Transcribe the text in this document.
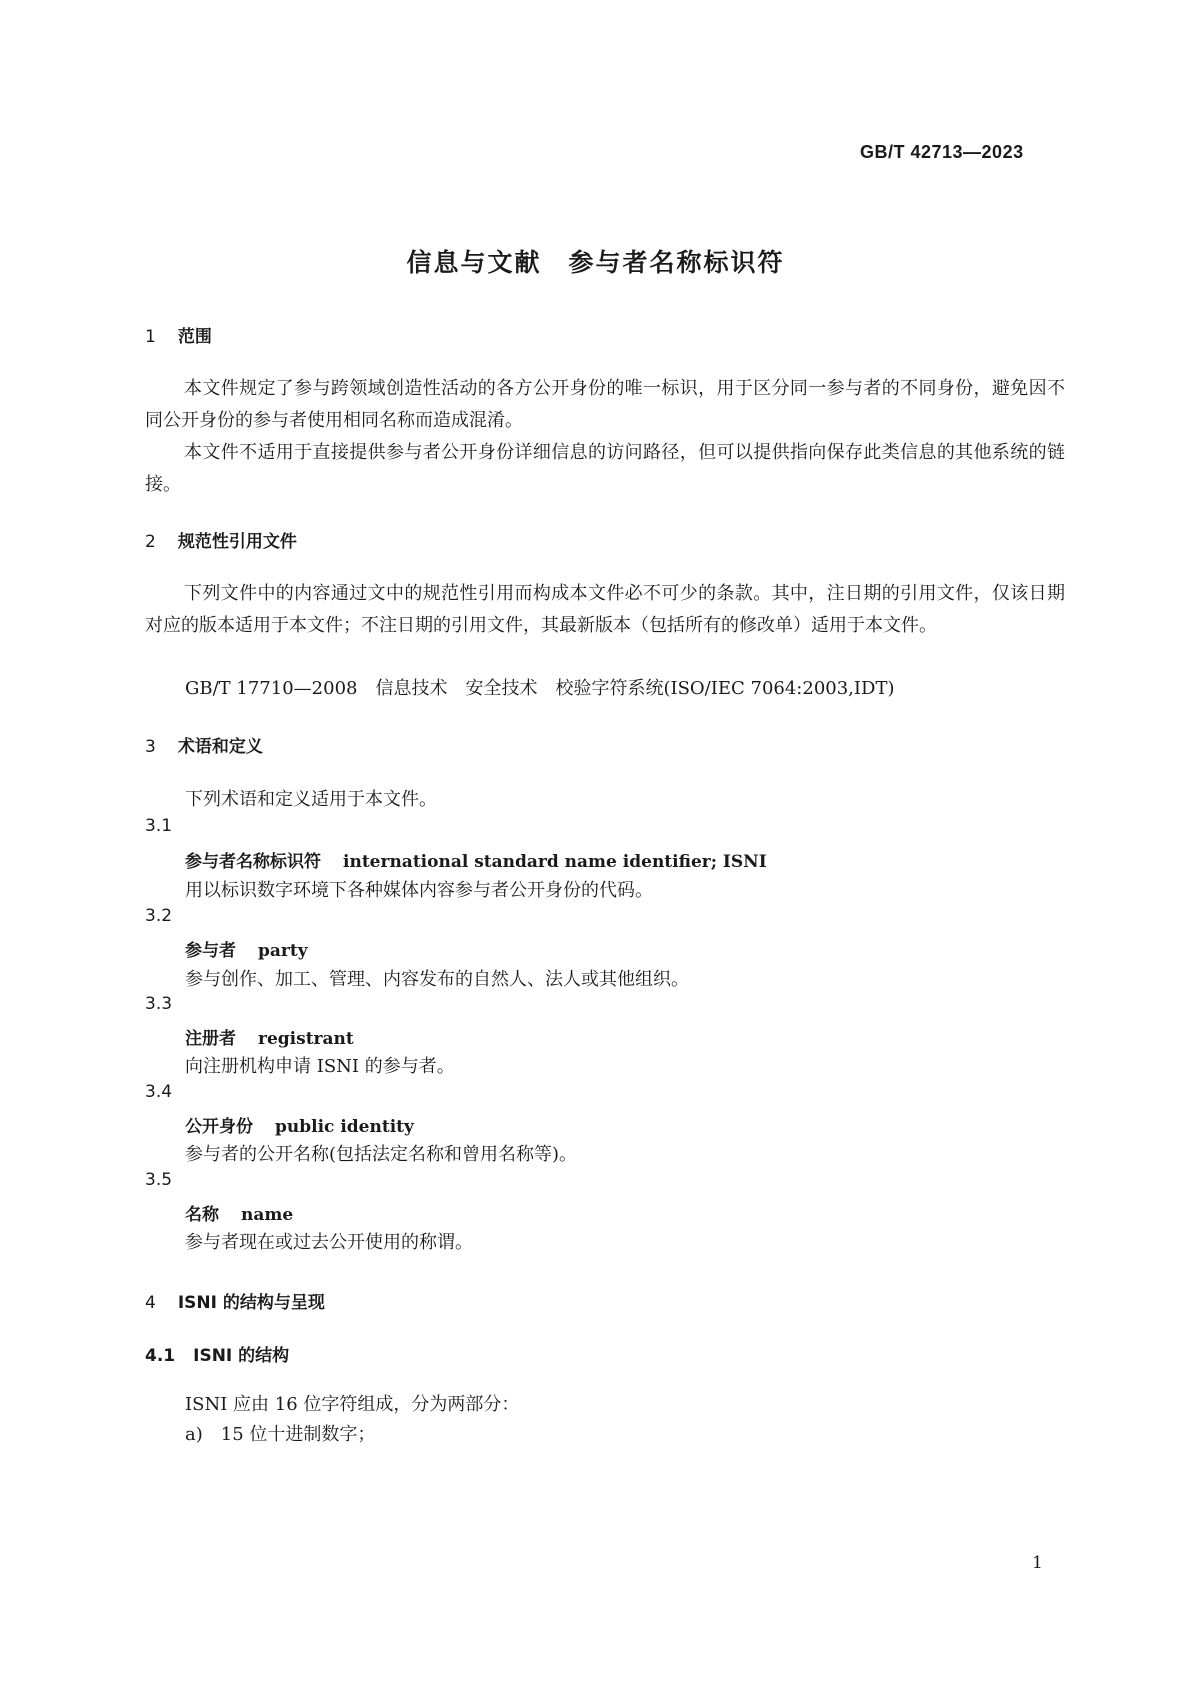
GB/T 42713—2023
信息与文献　参与者名称标识符
1 范围
本文件规定了参与跨领域创造性活动的各方公开身份的唯一标识，用于区分同一参与者的不同身份，避免因不同公开身份的参与者使用相同名称而造成混淆。
本文件不适用于直接提供参与者公开身份详细信息的访问路径，但可以提供指向保存此类信息的其他系统的链接。
2 规范性引用文件
下列文件中的内容通过文中的规范性引用而构成本文件必不可少的条款。其中，注日期的引用文件，仅该日期对应的版本适用于本文件；不注日期的引用文件，其最新版本（包括所有的修改单）适用于本文件。
GB/T 17710—2008　信息技术　安全技术　校验字符系统(ISO/IEC 7064:2003,IDT)
3 术语和定义
下列术语和定义适用于本文件。
3.1
参与者名称标识符 international standard name identifier; ISNI
用以标识数字环境下各种媒体内容参与者公开身份的代码。
3.2
参与者 party
参与创作、加工、管理、内容发布的自然人、法人或其他组织。
3.3
注册者 registrant
向注册机构申请 ISNI 的参与者。
3.4
公开身份 public identity
参与者的公开名称(包括法定名称和曾用名称等)。
3.5
名称 name
参与者现在或过去公开使用的称谓。
4 ISNI 的结构与呈现
4.1 ISNI 的结构
ISNI 应由 16 位字符组成，分为两部分：
a)　15 位十进制数字；
1
